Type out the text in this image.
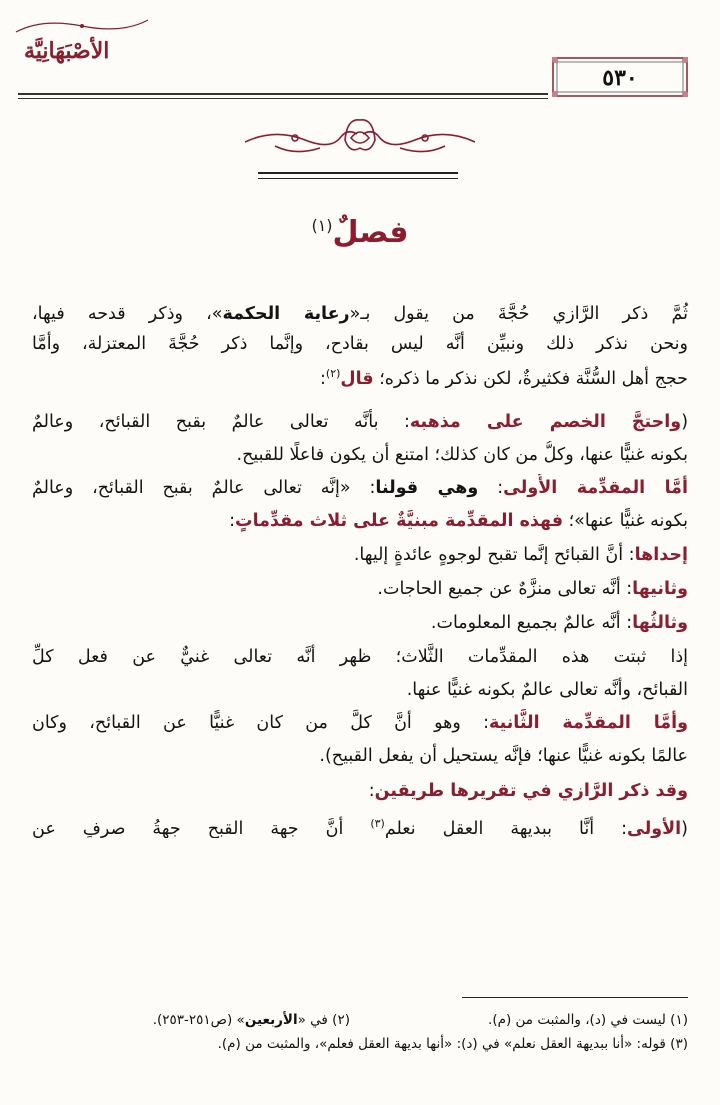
الأصْبَهَانِيَّة
٥٣٠
فصلٌ$^{(١)}$
ثُمَّ ذكر الرَّازي حُجَّةَ من يقول بـ«رعاية الحكمة»، وذكر قدحه فيها،
ونحن نذكر ذلك ونبيِّن أنَّه ليس بقادح، وإنَّما ذكر حُجَّةَ المعتزلة، وأمَّا
حجج أهل السُّنَّة فكثيرةٌ، لكن نذكر ما ذكره؛ قال$^{(٢)}$:
(واحتجَّ الخصم على مذهبه: بأنَّه تعالى عالمٌ بقبح القبائح، وعالمٌ
بكونه غنيًّا عنها، وكلُّ من كان كذلك؛ امتنع أن يكون فاعلًا للقبيح.
أمَّا المقدِّمة الأُولى: وهي قولنا: «إنَّه تعالى عالمٌ بقبح القبائح، وعالمٌ
بكونه غنيًّا عنها»؛ فهذه المقدِّمة مبنيَّةٌ على ثلاث مقدِّماتٍ:
إحداها: أنَّ القبائح إنَّما تقبح لوجوهٍ عائدةٍ إليها.
وثانيها: أنَّه تعالى منزَّهٌ عن جميع الحاجات.
وثالثُها: أنَّه عالمٌ بجميع المعلومات.
إذا ثبتت هذه المقدِّمات الثَّلاث؛ ظهر أنَّه تعالى غنيٌّ عن فعل كلِّ
القبائح، وأنَّه تعالى عالمٌ بكونه غنيًّا عنها.
وأمَّا المقدِّمة الثَّانية: وهو أنَّ كلَّ من كان غنيًّا عن القبائح، وكان
عالمًا بكونه غنيًّا عنها؛ فإنَّه يستحيل أن يفعل القبيح).
وقد ذكر الرَّازي في تقريرها طريقين:
(الأولى: أنَّا ببديهة العقل نعلم$^{(٣)}$ أنَّ جهة القبح جهةُ صرفٍ عن
(١) ليست في (د)، والمثبت من (م).
(٢) في «الأربعين» (ص٢٥١-٢٥٣).
(٣) قوله: «أنا ببديهة العقل نعلم» في (د): «أنها بديهة العقل فعلم»، والمثبت من (م).
